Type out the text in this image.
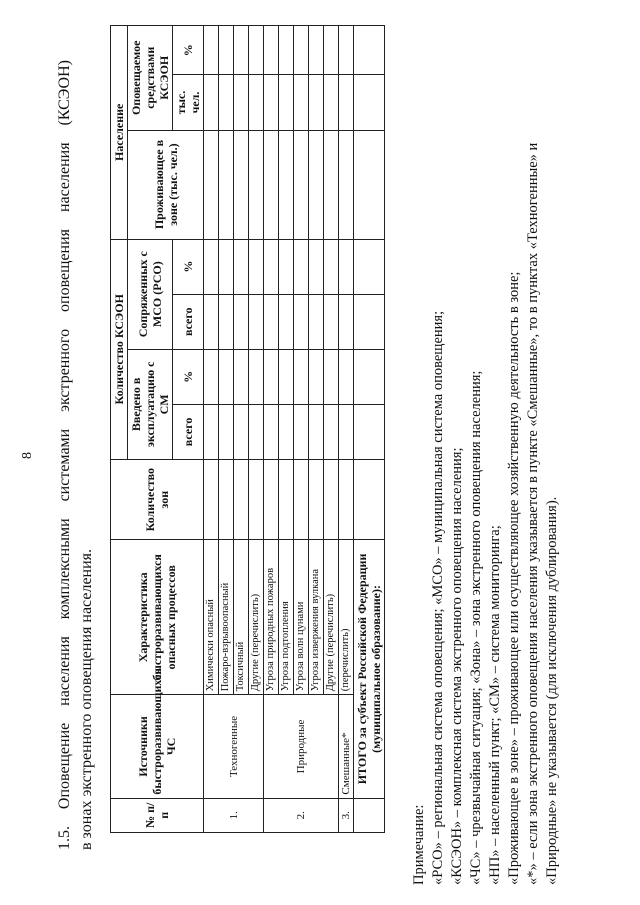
8 1.5. Оповещение населения комплексными системами экстренного оповещения населения (КСЭОН) в зонах экстренного оповещения населения.	№ п/п	Источники быстроразвивающихся ЧС	Характеристика быстроразвивающихся опасных процессов	Количество зон	Количество КСЭОН				Население		
				Введено в эксплуатацию с СМ		Сопряженных с МСО (РСО)		Проживающее в зоне (тыс. чел.)	Оповещаемое средствами КСЭОН	
				всего	%	всего	%		тыс. чел.	%
1.	Техногенные	Химически опасный								
		Пожаро-взрывоопасный								
		Токсичный								
		Другие (перечислить)								
2.	Природные	Угроза природных пожаров								
		Угроза подтопления								
		Угроза волн цунами								
		Угроза извержения вулкана								
		Другие (перечислить)								
3.	Смешанные*	(перечислить)								
	ИТОГО за субъект Российской Федерации (муниципальное образование):									
Примечание: «РСО» – региональная система оповещения; «МСО» – муниципальная система оповещения; «КСЭОН» – комплексная система экстренного оповещения населения; «ЧС» – чрезвычайная ситуация; «Зона» – зона экстренного оповещения населения; «НП» – населенный пункт; «СМ» – система мониторинга; «Проживающее в зоне» – проживающее или осуществляющее хозяйственную деятельность в зоне; «*» – если зона экстренного оповещения населения указывается в пункте «Смешанные», то в пунктах «Техногенные» и «Природные» не указывается (для исключения дублирования).
